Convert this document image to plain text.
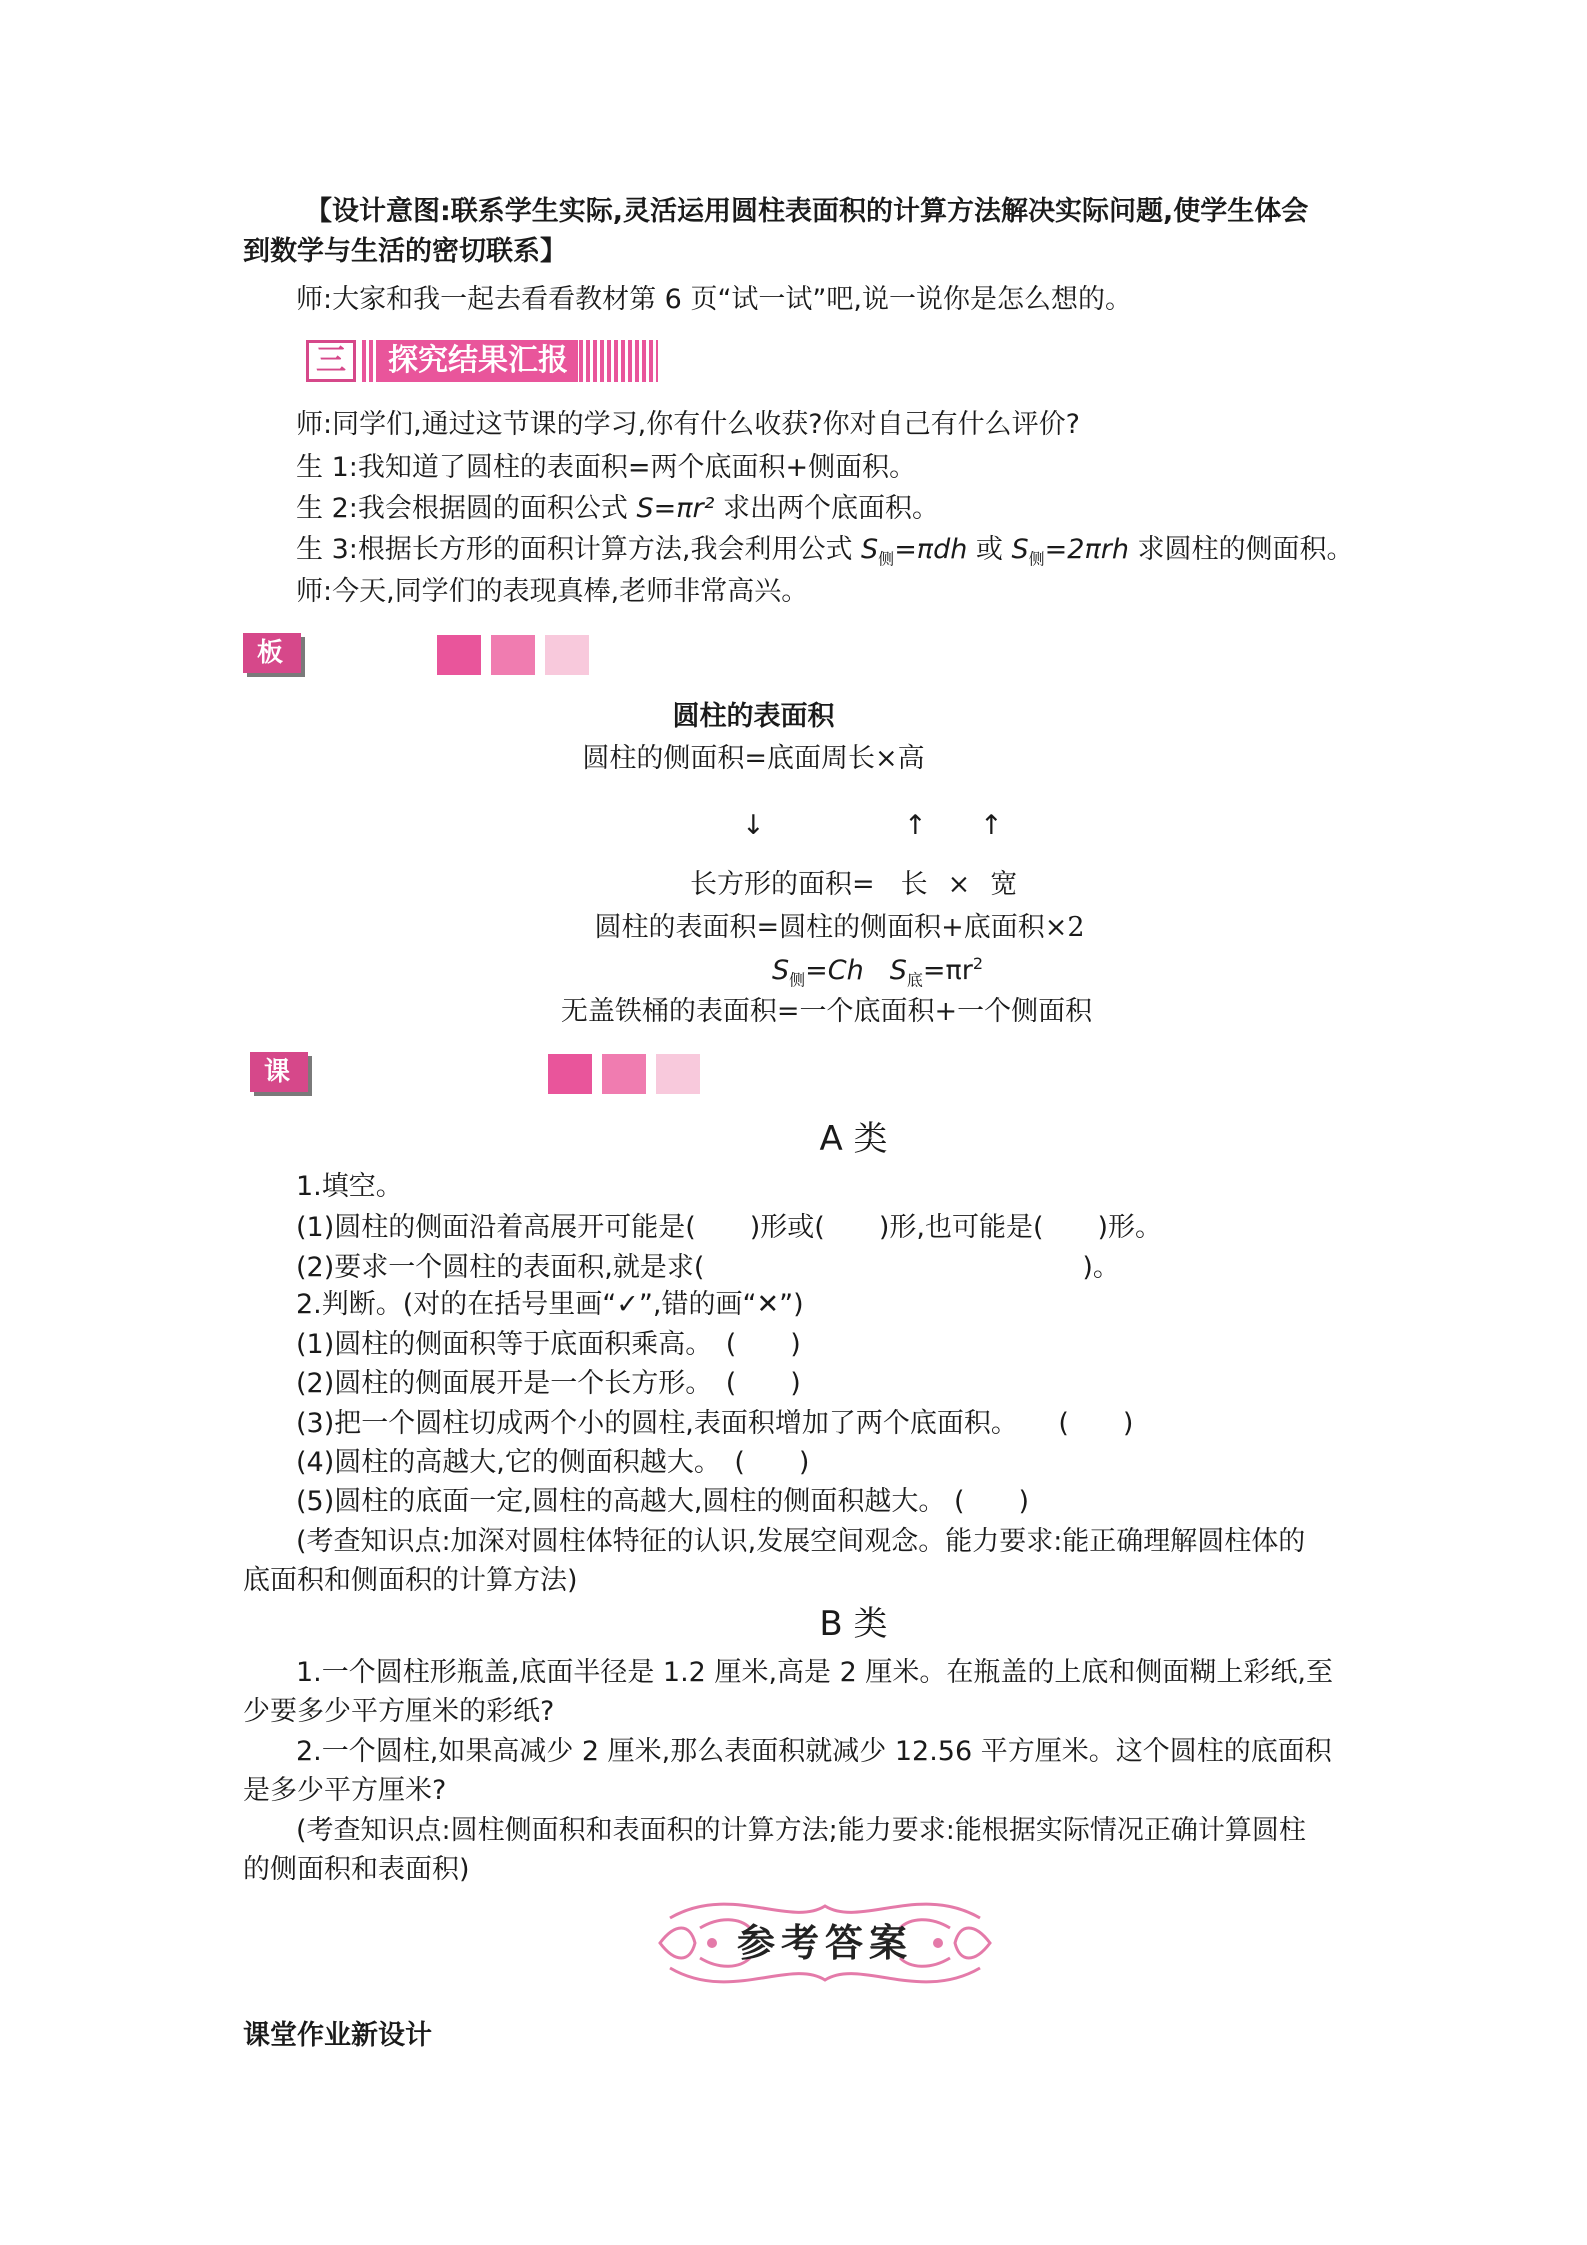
【设计意图:联系学生实际,灵活运用圆柱表面积的计算方法解决实际问题,使学生体会
到数学与生活的密切联系】
师:大家和我一起去看看教材第 6 页“试一试”吧,说一说你是怎么想的。
三	探究结果汇报
师:同学们,通过这节课的学习,你有什么收获?你对自己有什么评价?
生 1:我知道了圆柱的表面积=两个底面积+侧面积。
生 2:我会根据圆的面积公式 S=πr² 求出两个底面积。
生 3:根据长方形的面积计算方法,我会利用公式 $S_侧=\pi dh$ 或 $S_侧=2\pi rh$ 求圆柱的侧面积。
师:今天,同学们的表现真棒,老师非常高兴。
板书设计
圆柱的表面积
圆柱的侧面积=底面周长×高
↓	↑ ↑
长方形的面积= 长 × 宽
圆柱的表面积=圆柱的侧面积+底面积×2
$S_侧=Ch$ $S_底=\pi r^2$
无盖铁桶的表面积=一个底面积+一个侧面积
课堂作业新设计
A 类
1.填空。
(1)圆柱的侧面沿着高展开可能是(　　)形或(　　)形,也可能是(　　)形。
(2)要求一个圆柱的表面积,就是求(　　　　　　　　　　　　　　)。
2.判断。(对的在括号里画“✓”,错的画“✕”)
(1)圆柱的侧面积等于底面积乘高。　(　　)
(2)圆柱的侧面展开是一个长方形。　(　　)
(3)把一个圆柱切成两个小的圆柱,表面积增加了两个底面积。　　(　　)
(4)圆柱的高越大,它的侧面积越大。　(　　)
(5)圆柱的底面一定,圆柱的高越大,圆柱的侧面积越大。 (　　)
(考查知识点:加深对圆柱体特征的认识,发展空间观念。能力要求:能正确理解圆柱体的
底面积和侧面积的计算方法)
B 类
1.一个圆柱形瓶盖,底面半径是 1.2 厘米,高是 2 厘米。在瓶盖的上底和侧面糊上彩纸,至
少要多少平方厘米的彩纸?
2.一个圆柱,如果高减少 2 厘米,那么表面积就减少 12.56 平方厘米。这个圆柱的底面积
是多少平方厘米?
(考查知识点:圆柱侧面积和表面积的计算方法;能力要求:能根据实际情况正确计算圆柱
的侧面积和表面积)
参考答案
课堂作业新设计
